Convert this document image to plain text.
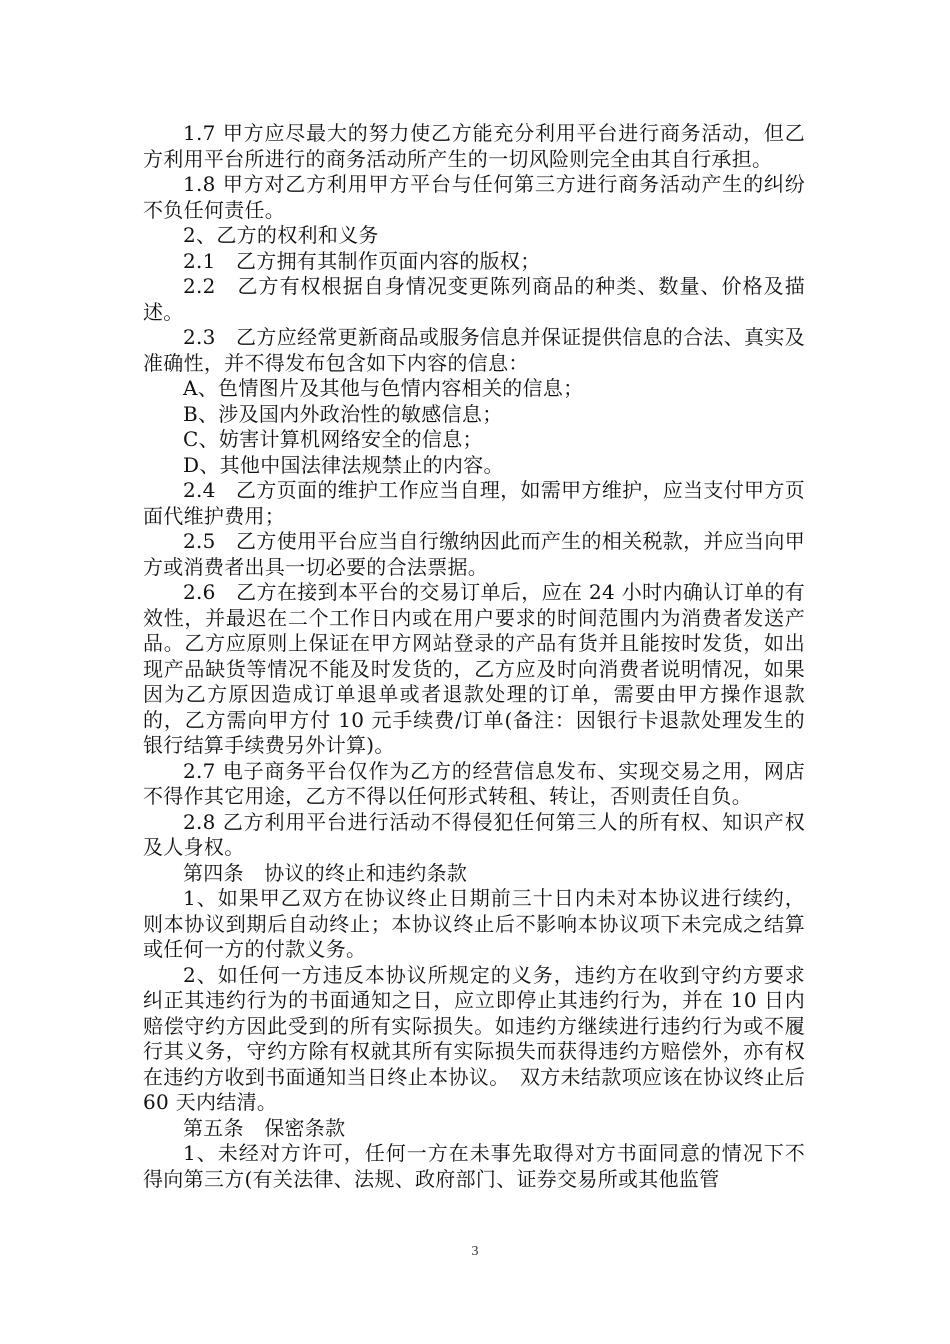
1.7 甲方应尽最大的努力使乙方能充分利用平台进行商务活动，但乙方利用平台所进行的商务活动所产生的一切风险则完全由其自行承担。

1.8 甲方对乙方利用甲方平台与任何第三方进行商务活动产生的纠纷不负任何责任。

2、乙方的权利和义务

2.1　乙方拥有其制作页面内容的版权；

2.2　乙方有权根据自身情况变更陈列商品的种类、数量、价格及描述。

2.3　乙方应经常更新商品或服务信息并保证提供信息的合法、真实及准确性，并不得发布包含如下内容的信息：

A、色情图片及其他与色情内容相关的信息；

B、涉及国内外政治性的敏感信息；

C、妨害计算机网络安全的信息；

D、其他中国法律法规禁止的内容。

2.4　乙方页面的维护工作应当自理，如需甲方维护，应当支付甲方页面代维护费用；

2.5　乙方使用平台应当自行缴纳因此而产生的相关税款，并应当向甲方或消费者出具一切必要的合法票据。

2.6　乙方在接到本平台的交易订单后，应在 24 小时内确认订单的有效性，并最迟在二个工作日内或在用户要求的时间范围内为消费者发送产品。乙方应原则上保证在甲方网站登录的产品有货并且能按时发货，如出现产品缺货等情况不能及时发货的，乙方应及时向消费者说明情况，如果因为乙方原因造成订单退单或者退款处理的订单，需要由甲方操作退款的，乙方需向甲方付 10 元手续费/订单(备注：因银行卡退款处理发生的银行结算手续费另外计算)。

2.7 电子商务平台仅作为乙方的经营信息发布、实现交易之用，网店不得作其它用途，乙方不得以任何形式转租、转让，否则责任自负。

2.8 乙方利用平台进行活动不得侵犯任何第三人的所有权、知识产权及人身权。

第四条　协议的终止和违约条款

1、如果甲乙双方在协议终止日期前三十日内未对本协议进行续约，则本协议到期后自动终止；本协议终止后不影响本协议项下未完成之结算或任何一方的付款义务。

2、如任何一方违反本协议所规定的义务，违约方在收到守约方要求纠正其违约行为的书面通知之日，应立即停止其违约行为，并在 10 日内赔偿守约方因此受到的所有实际损失。如违约方继续进行违约行为或不履行其义务，守约方除有权就其所有实际损失而获得违约方赔偿外，亦有权在违约方收到书面通知当日终止本协议。　双方未结款项应该在协议终止后 60 天内结清。

第五条　保密条款

1、未经对方许可，任何一方在未事先取得对方书面同意的情况下不得向第三方(有关法律、法规、政府部门、证券交易所或其他监管

3
